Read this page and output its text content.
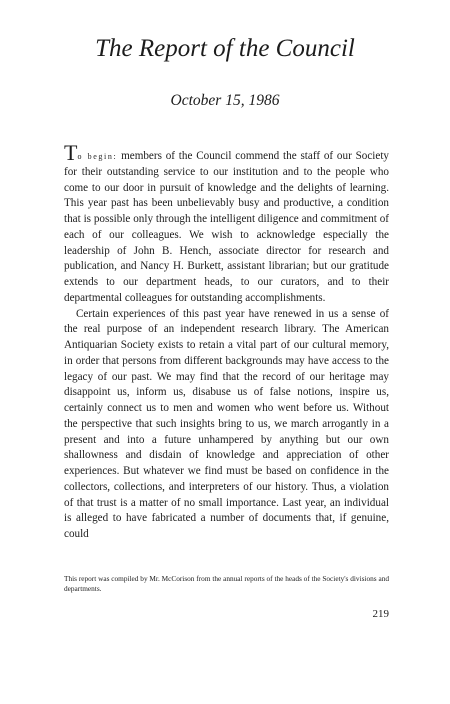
The Report of the Council
October 15, 1986

To begin: members of the Council commend the staff of our Society for their outstanding service to our institution and to the people who come to our door in pursuit of knowledge and the delights of learning. This year past has been unbelievably busy and productive, a condition that is possible only through the intelligent diligence and commitment of each of our colleagues. We wish to acknowledge especially the leadership of John B. Hench, associate director for research and publication, and Nancy H. Burkett, assistant librarian; but our gratitude extends to our department heads, to our curators, and to their departmental colleagues for outstanding accomplishments.

Certain experiences of this past year have renewed in us a sense of the real purpose of an independent research library. The American Antiquarian Society exists to retain a vital part of our cultural memory, in order that persons from different backgrounds may have access to the legacy of our past. We may find that the record of our heritage may disappoint us, inform us, disabuse us of false notions, inspire us, certainly connect us to men and women who went before us. Without the perspective that such insights bring to us, we march arrogantly in a present and into a future unhampered by anything but our own shallowness and disdain of knowledge and appreciation of other experiences. But whatever we find must be based on confidence in the collectors, collections, and interpreters of our history. Thus, a violation of that trust is a matter of no small importance. Last year, an individual is alleged to have fabricated a number of documents that, if genuine, could

This report was compiled by Mr. McCorison from the annual reports of the heads of the Society's divisions and departments.

219
